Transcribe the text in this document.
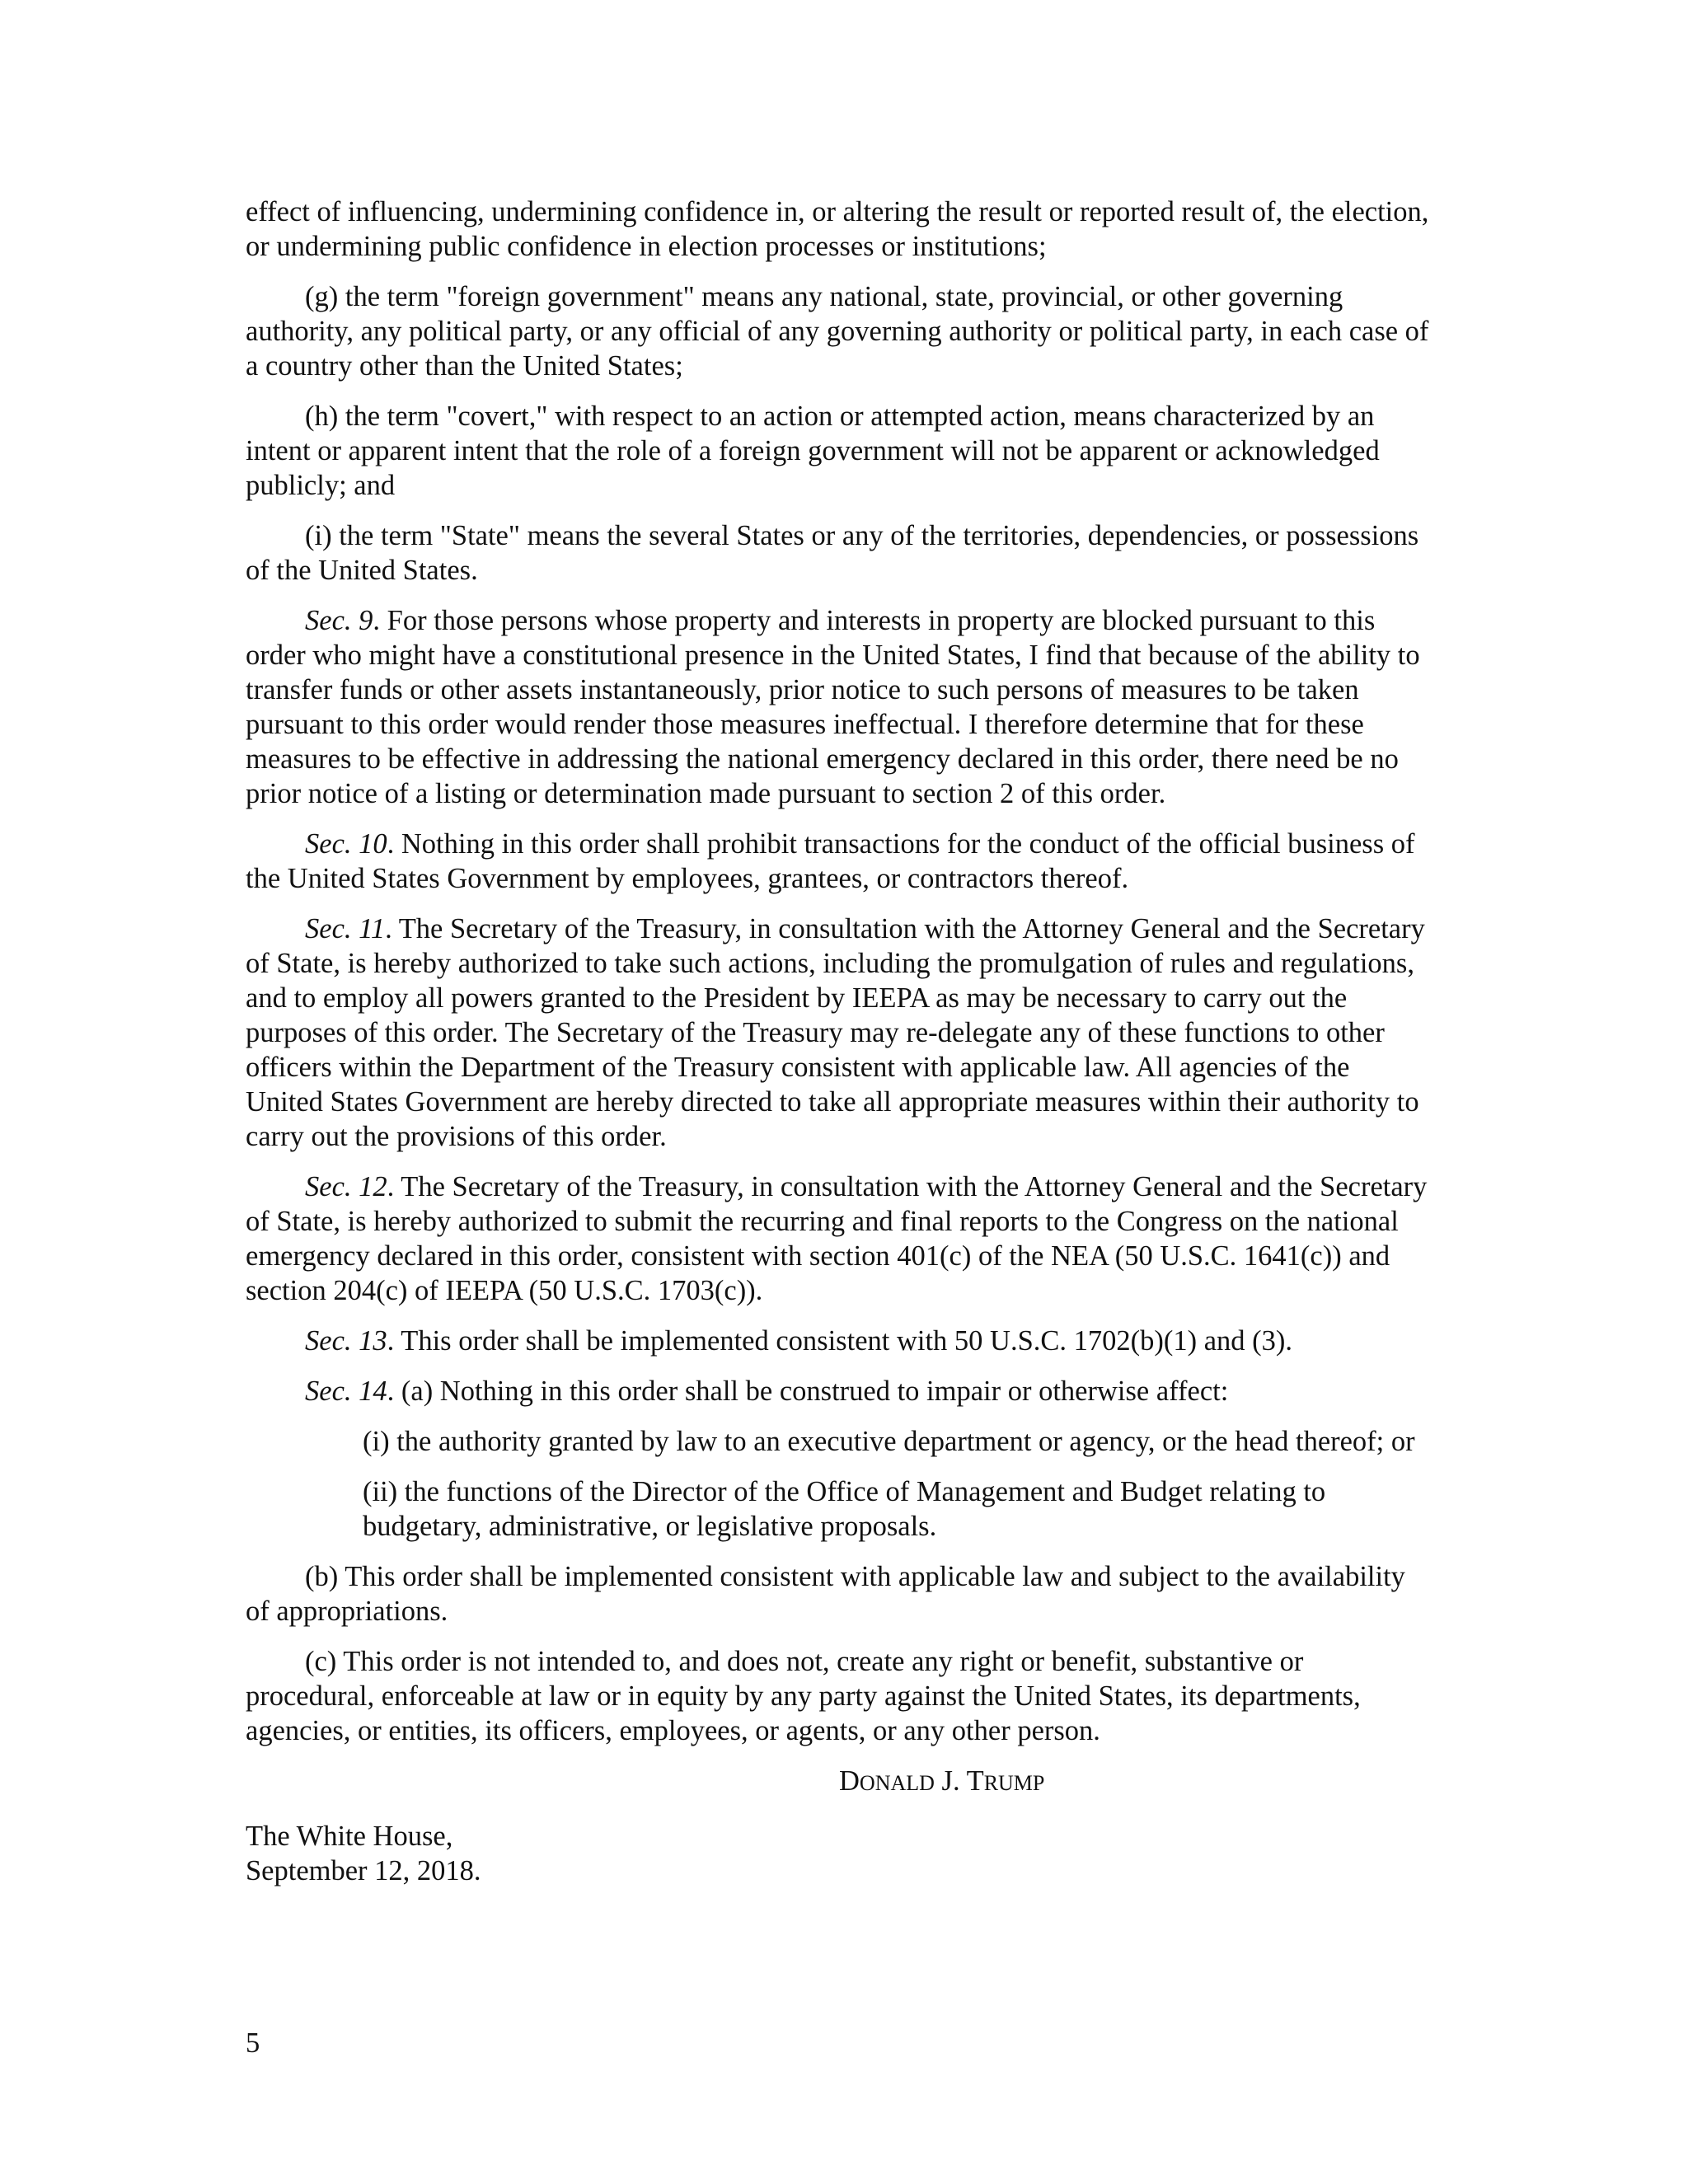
effect of influencing, undermining confidence in, or altering the result or reported result of, the election, or undermining public confidence in election processes or institutions;

(g) the term "foreign government" means any national, state, provincial, or other governing authority, any political party, or any official of any governing authority or political party, in each case of a country other than the United States;

(h) the term "covert," with respect to an action or attempted action, means characterized by an intent or apparent intent that the role of a foreign government will not be apparent or acknowledged publicly; and

(i) the term "State" means the several States or any of the territories, dependencies, or possessions of the United States.

Sec. 9. For those persons whose property and interests in property are blocked pursuant to this order who might have a constitutional presence in the United States, I find that because of the ability to transfer funds or other assets instantaneously, prior notice to such persons of measures to be taken pursuant to this order would render those measures ineffectual. I therefore determine that for these measures to be effective in addressing the national emergency declared in this order, there need be no prior notice of a listing or determination made pursuant to section 2 of this order.

Sec. 10. Nothing in this order shall prohibit transactions for the conduct of the official business of the United States Government by employees, grantees, or contractors thereof.

Sec. 11. The Secretary of the Treasury, in consultation with the Attorney General and the Secretary of State, is hereby authorized to take such actions, including the promulgation of rules and regulations, and to employ all powers granted to the President by IEEPA as may be necessary to carry out the purposes of this order. The Secretary of the Treasury may re-delegate any of these functions to other officers within the Department of the Treasury consistent with applicable law. All agencies of the United States Government are hereby directed to take all appropriate measures within their authority to carry out the provisions of this order.

Sec. 12. The Secretary of the Treasury, in consultation with the Attorney General and the Secretary of State, is hereby authorized to submit the recurring and final reports to the Congress on the national emergency declared in this order, consistent with section 401(c) of the NEA (50 U.S.C. 1641(c)) and section 204(c) of IEEPA (50 U.S.C. 1703(c)).

Sec. 13. This order shall be implemented consistent with 50 U.S.C. 1702(b)(1) and (3).

Sec. 14. (a) Nothing in this order shall be construed to impair or otherwise affect:

(i) the authority granted by law to an executive department or agency, or the head thereof; or

(ii) the functions of the Director of the Office of Management and Budget relating to budgetary, administrative, or legislative proposals.

(b) This order shall be implemented consistent with applicable law and subject to the availability of appropriations.

(c) This order is not intended to, and does not, create any right or benefit, substantive or procedural, enforceable at law or in equity by any party against the United States, its departments, agencies, or entities, its officers, employees, or agents, or any other person.

DONALD J. TRUMP

The White House,
September 12, 2018.

5
